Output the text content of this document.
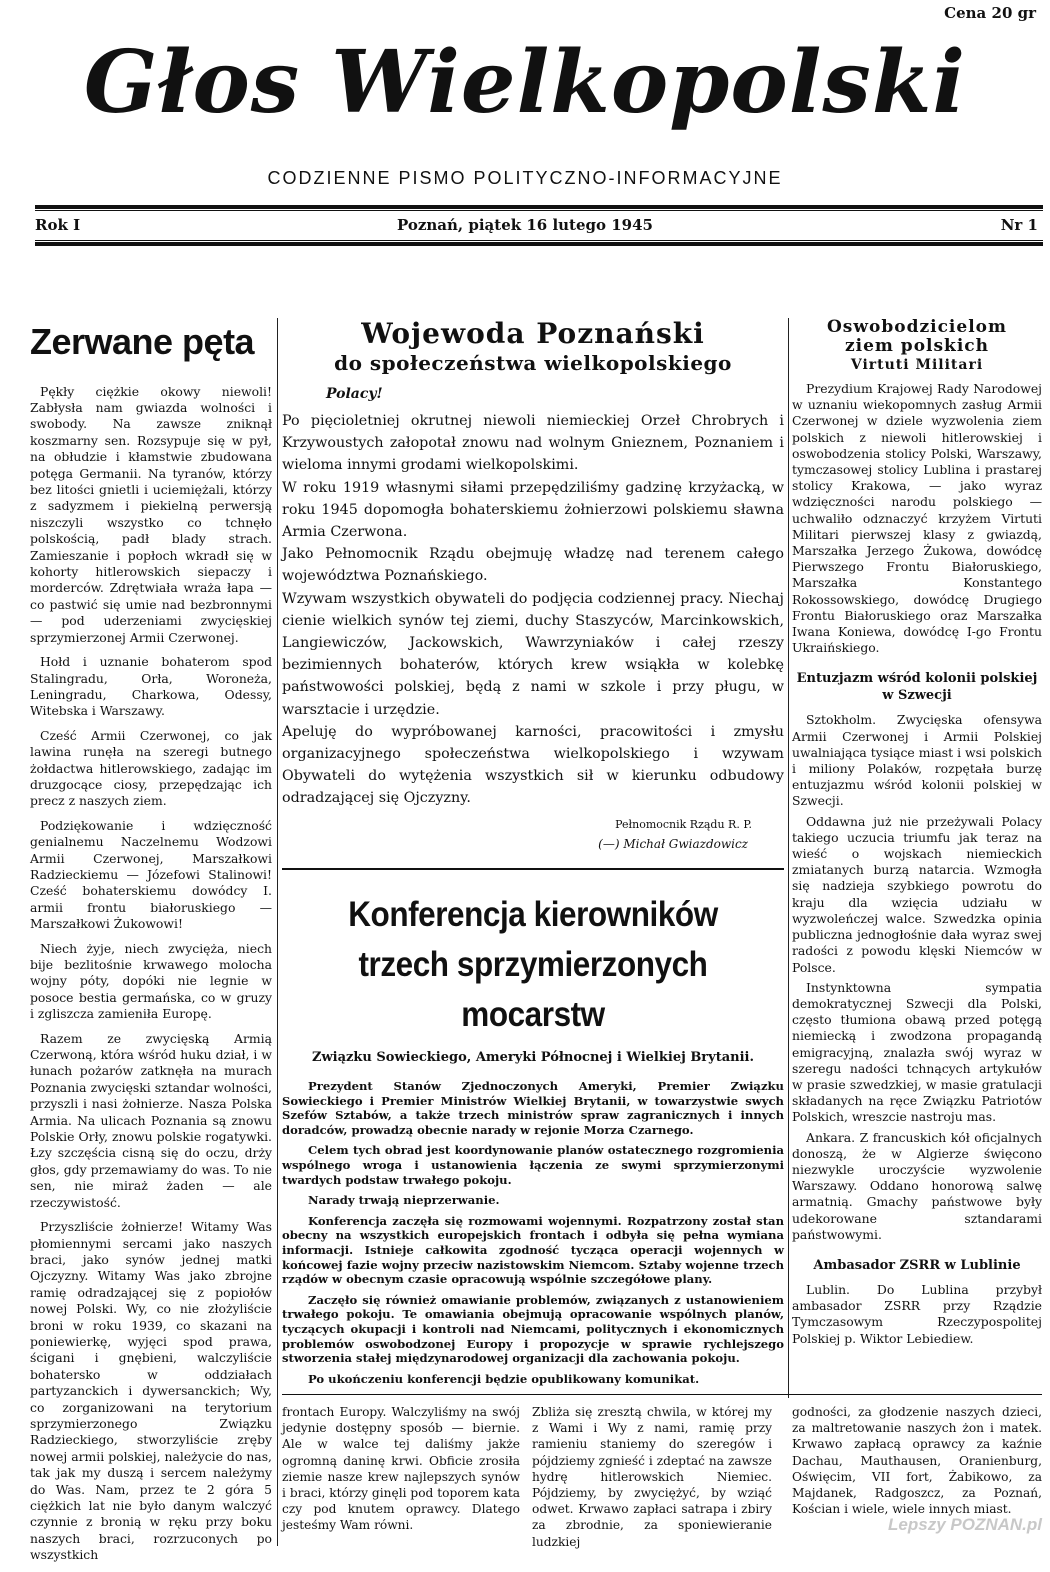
Cena 20 gr
Głos Wielkopolski
CODZIENNE PISMO POLITYCZNO-INFORMACYJNE
Rok I	Poznań, piątek 16 lutego 1945	Nr 1
Zerwane pęta

Pękły ciężkie okowy niewoli! Zabłysła nam gwiazda wolności i swobody. Na zawsze zniknął koszmarny sen. Rozsypuje się w pył, na obłudzie i kłamstwie zbudowana potęga Germanii. Na tyranów, którzy bez litości gnietli i uciemiężali, którzy z sadyzmem i piekielną perwersją niszczyli wszystko co tchnęło polskością, padł blady strach. Zamieszanie i popłoch wkradł się w kohorty hitlerowskich siepaczy i morderców. Zdrętwiała wraża łapa — co pastwić się umie nad bezbronnymi — pod uderzeniami zwycięskiej sprzymierzonej Armii Czerwonej.

Hołd i uznanie bohaterom spod Stalingradu, Orła, Woroneża, Leningradu, Charkowa, Odessy, Witebska i Warszawy.

Cześć Armii Czerwonej, co jak lawina runęła na szeregi butnego żołdactwa hitlerowskiego, zadając im druzgocące ciosy, przepędzając ich precz z naszych ziem.

Podziękowanie i wdzięczność genialnemu Naczelnemu Wodzowi Armii Czerwonej, Marszałkowi Radzieckiemu — Józefowi Stalinowi! Cześć bohaterskiemu dowódcy I. armii frontu białoruskiego — Marszałkowi Żukowowi!

Niech żyje, niech zwycięża, niech bije bezlitośnie krwawego molocha wojny póty, dopóki nie legnie w posoce bestia germańska, co w gruzy i zgliszcza zamieniła Europę.

Razem ze zwycięską Armią Czerwoną, która wśród huku dział, i w łunach pożarów zatknęła na murach Poznania zwycięski sztandar wolności, przyszli i nasi żołnierze. Nasza Polska Armia. Na ulicach Poznania są znowu Polskie Orły, znowu polskie rogatywki. Łzy szczęścia cisną się do oczu, drży głos, gdy przemawiamy do was. To nie sen, nie miraż żaden — ale rzeczywistość.

Przyszliście żołnierze! Witamy Was płomiennymi sercami jako naszych braci, jako synów jednej matki Ojczyzny. Witamy Was jako zbrojne ramię odradzającej się z popiołów nowej Polski. Wy, co nie złożyliście broni w roku 1939, co skazani na poniewierkę, wyjęci spod prawa, ścigani i gnębieni, walczyliście bohatersko w oddziałach partyzanckich i dywersanckich; Wy, co zorganizowani na terytorium sprzymierzonego Związku Radzieckiego, stworzyliście zręby nowej armii polskiej, należycie do nas, tak jak my duszą i sercem należymy do Was. Nam, przez te 2 góra 5 ciężkich lat nie było danym walczyć czynnie z bronią w ręku przy boku naszych braci, rozrzuconych po wszystkich

Wojewoda Poznański
do społeczeństwa wielkopolskiego
Polacy!

Po pięcioletniej okrutnej niewoli niemieckiej Orzeł Chrobrych i Krzywoustych załopotał znowu nad wolnym Gnieznem, Poznaniem i wieloma innymi grodami wielkopolskimi.

W roku 1919 własnymi siłami przepędziliśmy gadzinę krzyżacką, w roku 1945 dopomogła bohaterskiemu żołnierzowi polskiemu sławna Armia Czerwona.

Jako Pełnomocnik Rządu obejmuję władzę nad terenem całego województwa Poznańskiego.

Wzywam wszystkich obywateli do podjęcia codziennej pracy. Niechaj cienie wielkich synów tej ziemi, duchy Staszyców, Marcinkowskich, Langiewiczów, Jackowskich, Wawrzyniaków i całej rzeszy bezimiennych bohaterów, których krew wsiąkła w kolebkę państwowości polskiej, będą z nami w szkole i przy pługu, w warsztacie i urzędzie.

Apeluję do wypróbowanej karności, pracowitości i zmysłu organizacyjnego społeczeństwa wielkopolskiego i wzywam Obywateli do wytężenia wszystkich sił w kierunku odbudowy odradzającej się Ojczyzny.

Pełnomocnik Rządu R. P.
(—) Michał Gwiazdowicz
Konferencja kierowników
trzech sprzymierzonych mocarstw
Związku Sowieckiego, Ameryki Północnej i Wielkiej Brytanii.

Prezydent Stanów Zjednoczonych Ameryki, Premier Związku Sowieckiego i Premier Ministrów Wielkiej Brytanii, w towarzystwie swych Szefów Sztabów, a także trzech ministrów spraw zagranicznych i innych doradców, prowadzą obecnie narady w rejonie Morza Czarnego.

Celem tych obrad jest koordynowanie planów ostatecznego rozgromienia wspólnego wroga i ustanowienia łączenia ze swymi sprzymierzonymi twardych podstaw trwałego pokoju.

Narady trwają nieprzerwanie.

Konferencja zaczęła się rozmowami wojennymi. Rozpatrzony został stan obecny na wszystkich europejskich frontach i odbyła się pełna wymiana informacji. Istnieje całkowita zgodność tycząca operacji wojennych w końcowej fazie wojny przeciw nazistowskim Niemcom. Sztaby wojenne trzech rządów w obecnym czasie opracowują wspólnie szczegółowe plany.

Zaczęło się również omawianie problemów, związanych z ustanowieniem trwałego pokoju. Te omawiania obejmują opracowanie wspólnych planów, tyczących okupacji i kontroli nad Niemcami, politycznych i ekonomicznych problemów oswobodzonej Europy i propozycje w sprawie rychlejszego stworzenia stałej międzynarodowej organizacji dla zachowania pokoju.

Po ukończeniu konferencji będzie opublikowany komunikat.

Oswobodzicielom
ziem polskich
Virtuti Militari

Prezydium Krajowej Rady Narodowej w uznaniu wiekopomnych zasług Armii Czerwonej w dziele wyzwolenia ziem polskich z niewoli hitlerowskiej i oswobodzenia stolicy Polski, Warszawy, tymczasowej stolicy Lublina i prastarej stolicy Krakowa, — jako wyraz wdzięczności narodu polskiego — uchwaliło odznaczyć krzyżem Virtuti Militari pierwszej klasy z gwiazdą, Marszałka Jerzego Żukowa, dowódcę Pierwszego Frontu Białoruskiego, Marszałka Konstantego Rokossowskiego, dowódcę Drugiego Frontu Białoruskiego oraz Marszałka Iwana Koniewa, dowódcę I-go Frontu Ukraińskiego.

Entuzjazm wśród kolonii polskiej w Szwecji

Sztokholm. Zwycięska ofensywa Armii Czerwonej i Armii Polskiej uwalniająca tysiące miast i wsi polskich i miliony Polaków, rozpętała burzę entuzjazmu wśród kolonii polskiej w Szwecji.

Oddawna już nie przeżywali Polacy takiego uczucia triumfu jak teraz na wieść o wojskach niemieckich zmiatanych burzą natarcia. Wzmogła się nadzieja szybkiego powrotu do kraju dla wzięcia udziału w wyzwoleńczej walce. Szwedzka opinia publiczna jednogłośnie dała wyraz swej radości z powodu klęski Niemców w Polsce.

Instynktowna sympatia demokratycznej Szwecji dla Polski, często tłumiona obawą przed potęgą niemiecką i zwodzona propagandą emigracyjną, znalazła swój wyraz w szeregu nadości tchnących artykułów w prasie szwedzkiej, w masie gratulacji składanych na ręce Związku Patriotów Polskich, wreszcie nastroju mas.

Ankara. Z francuskich kół oficjalnych donoszą, że w Algierze święcono niezwykle uroczyście wyzwolenie Warszawy. Oddano honorową salwę armatnią. Gmachy państwowe były udekorowane sztandarami państwowymi.

Ambasador ZSRR w Lublinie

Lublin. Do Lublina przybył ambasador ZSRR przy Rządzie Tymczasowym Rzeczypospolitej Polskiej p. Wiktor Lebiediew.

frontach Europy. Walczyliśmy na swój jedynie dostępny sposób — biernie. Ale w walce tej daliśmy jakże ogromną daninę krwi. Obficie zrosiła ziemie nasze krew najlepszych synów i braci, którzy ginęli pod toporem kata czy pod knutem oprawcy. Dlatego jesteśmy Wam równi.
Zbliża się zresztą chwila, w której my z Wami i Wy z nami, ramię przy ramieniu staniemy do szeregów i pójdziemy zgnieść i zdeptać na zawsze hydrę hitlerowskich Niemiec. Pójdziemy, by zwyciężyć, by wziąć odwet. Krwawo zapłaci satrapa i zbiry za zbrodnie, za sponiewieranie ludzkiej
godności, za głodzenie naszych dzieci, za maltretowanie naszych żon i matek. Krwawo zapłacą oprawcy za kaźnie Dachau, Mauthausen, Oranienburg, Oświęcim, VII fort, Żabikowo, za Majdanek, Radgoszcz, za Poznań, Kościan i wiele, wiele innych miast.
Lepszy POZNAN.pl
